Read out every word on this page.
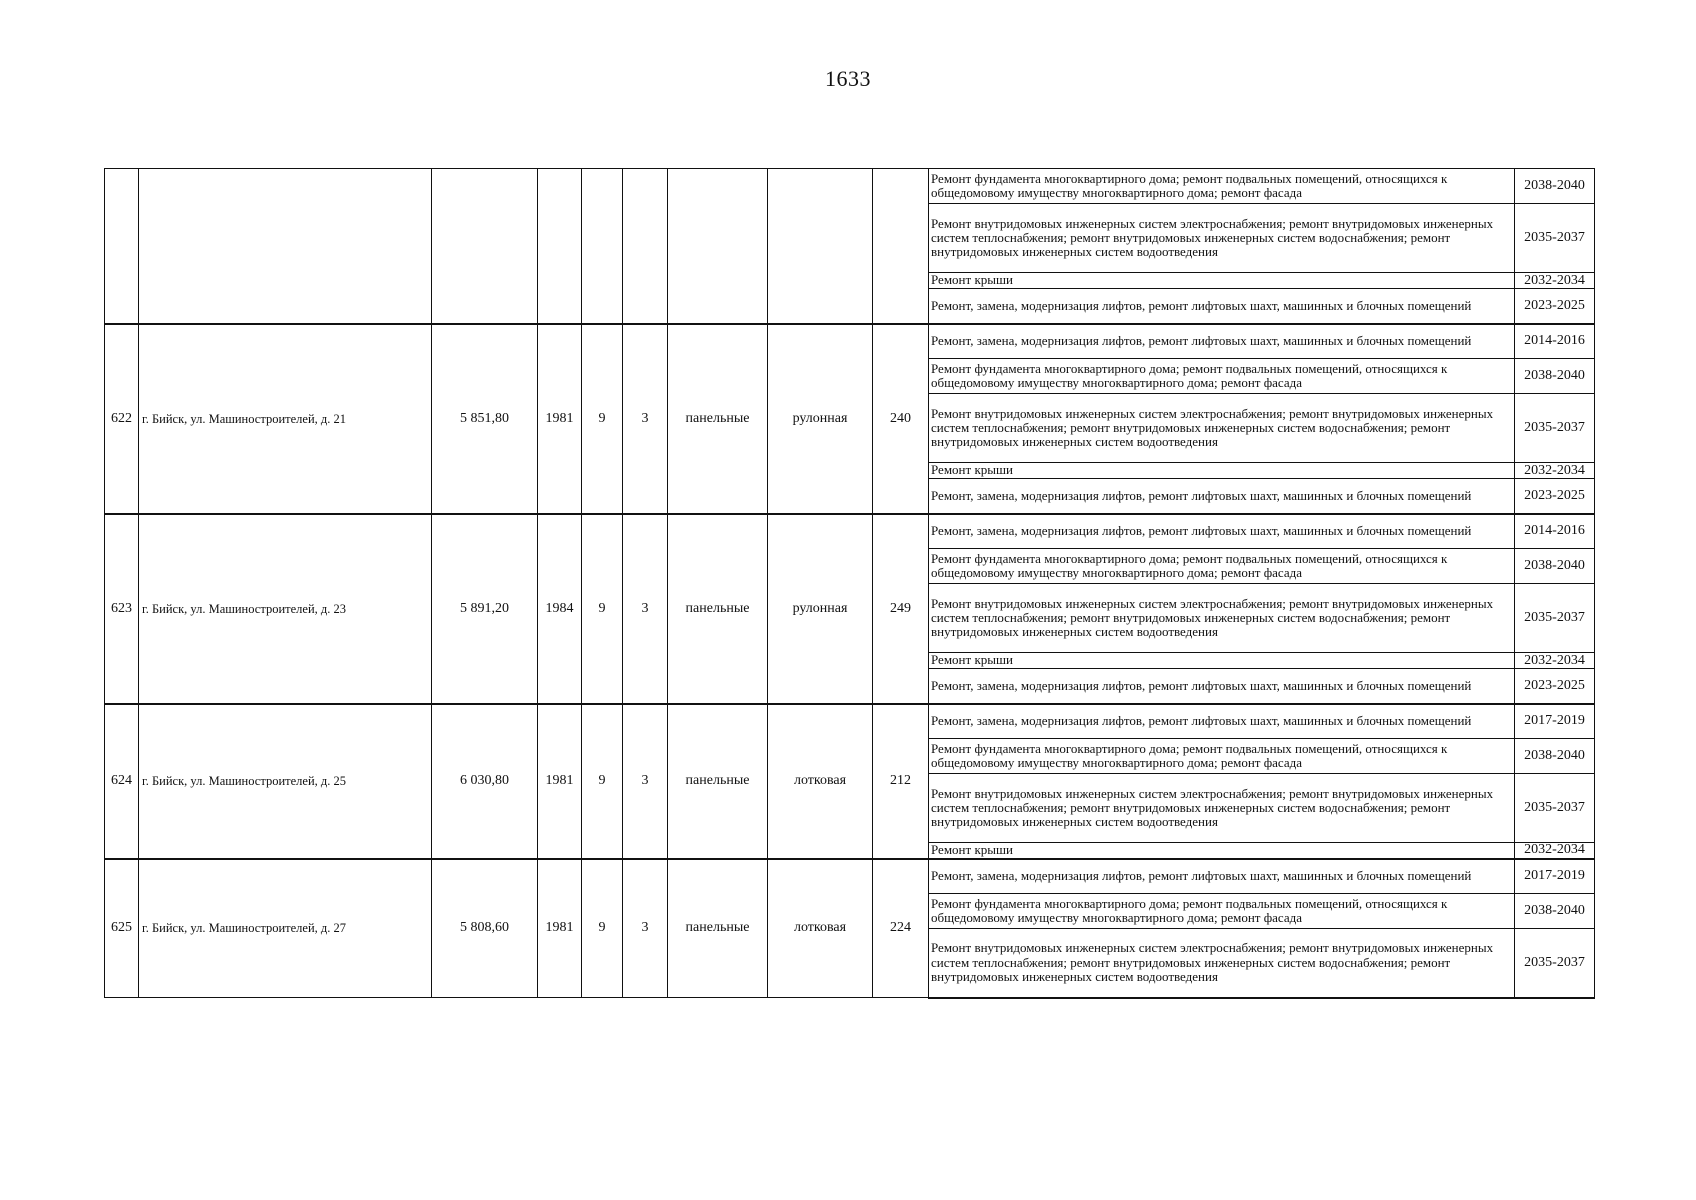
1633
									Ремонт фундамента многоквартирного дома; ремонт подвальных помещений, относящихся к общедомовому имуществу многоквартирного дома; ремонт фасада	2038-2040
									Ремонт внутридомовых инженерных систем электроснабжения; ремонт внутридомовых инженерных систем теплоснабжения; ремонт внутридомовых инженерных систем водоснабжения; ремонт внутридомовых инженерных систем водоотведения	2035-2037
									Ремонт крыши	2032-2034
									Ремонт, замена, модернизация лифтов, ремонт лифтовых шахт, машинных и блочных помещений	2023-2025
622	г. Бийск, ул. Машиностроителей, д. 21	5 851,80	1981	9	3	панельные	рулонная	240	Ремонт, замена, модернизация лифтов, ремонт лифтовых шахт, машинных и блочных помещений	2014-2016
									Ремонт фундамента многоквартирного дома; ремонт подвальных помещений, относящихся к общедомовому имуществу многоквартирного дома; ремонт фасада	2038-2040
									Ремонт внутридомовых инженерных систем электроснабжения; ремонт внутридомовых инженерных систем теплоснабжения; ремонт внутридомовых инженерных систем водоснабжения; ремонт внутридомовых инженерных систем водоотведения	2035-2037
									Ремонт крыши	2032-2034
									Ремонт, замена, модернизация лифтов, ремонт лифтовых шахт, машинных и блочных помещений	2023-2025
623	г. Бийск, ул. Машиностроителей, д. 23	5 891,20	1984	9	3	панельные	рулонная	249	Ремонт, замена, модернизация лифтов, ремонт лифтовых шахт, машинных и блочных помещений	2014-2016
									Ремонт фундамента многоквартирного дома; ремонт подвальных помещений, относящихся к общедомовому имуществу многоквартирного дома; ремонт фасада	2038-2040
									Ремонт внутридомовых инженерных систем электроснабжения; ремонт внутридомовых инженерных систем теплоснабжения; ремонт внутридомовых инженерных систем водоснабжения; ремонт внутридомовых инженерных систем водоотведения	2035-2037
									Ремонт крыши	2032-2034
									Ремонт, замена, модернизация лифтов, ремонт лифтовых шахт, машинных и блочных помещений	2023-2025
624	г. Бийск, ул. Машиностроителей, д. 25	6 030,80	1981	9	3	панельные	лотковая	212	Ремонт, замена, модернизация лифтов, ремонт лифтовых шахт, машинных и блочных помещений	2017-2019
									Ремонт фундамента многоквартирного дома; ремонт подвальных помещений, относящихся к общедомовому имуществу многоквартирного дома; ремонт фасада	2038-2040
									Ремонт внутридомовых инженерных систем электроснабжения; ремонт внутридомовых инженерных систем теплоснабжения; ремонт внутридомовых инженерных систем водоснабжения; ремонт внутридомовых инженерных систем водоотведения	2035-2037
									Ремонт крыши	2032-2034
625	г. Бийск, ул. Машиностроителей, д. 27	5 808,60	1981	9	3	панельные	лотковая	224	Ремонт, замена, модернизация лифтов, ремонт лифтовых шахт, машинных и блочных помещений	2017-2019
									Ремонт фундамента многоквартирного дома; ремонт подвальных помещений, относящихся к общедомовому имуществу многоквартирного дома; ремонт фасада	2038-2040
									Ремонт внутридомовых инженерных систем электроснабжения; ремонт внутридомовых инженерных систем теплоснабжения; ремонт внутридомовых инженерных систем водоснабжения; ремонт внутридомовых инженерных систем водоотведения	2035-2037
